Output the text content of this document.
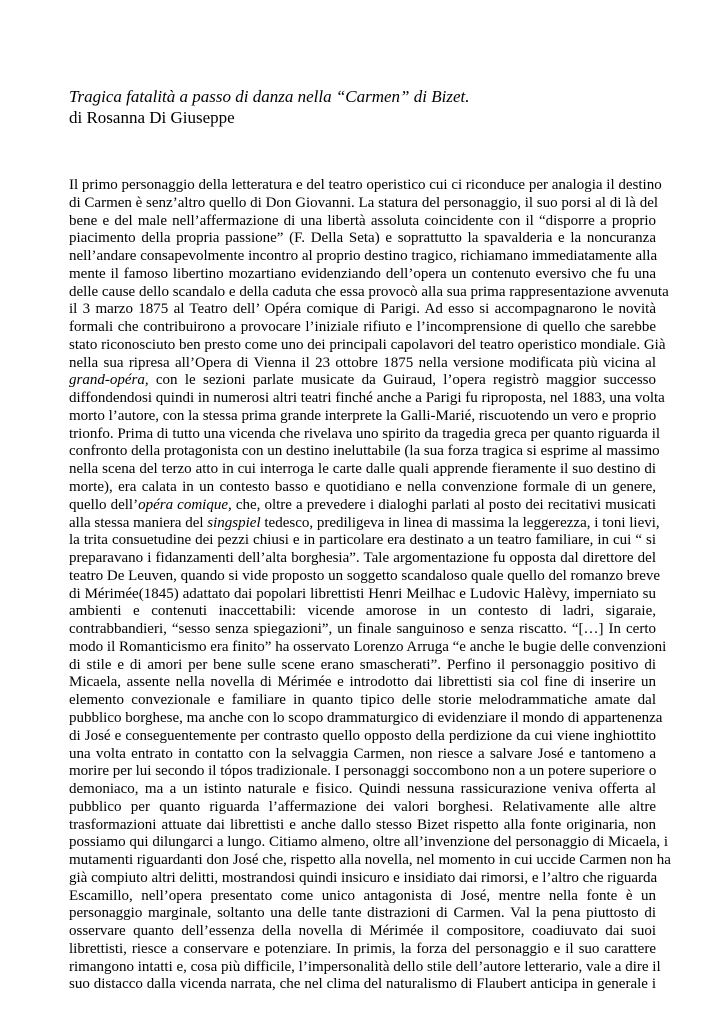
Tragica fatalità a passo di danza nella “Carmen” di Bizet.

di Rosanna Di Giuseppe

Il primo personaggio della letteratura e del teatro operistico cui ci riconduce per analogia il destino
di Carmen è senz’altro quello di Don Giovanni. La statura del personaggio, il suo porsi al di là del
bene e del male nell’affermazione di una libertà assoluta coincidente con il “disporre a proprio
piacimento della propria passione” (F. Della Seta) e soprattutto la spavalderia e la noncuranza
nell’andare consapevolmente incontro al proprio destino tragico, richiamano immediatamente alla
mente il famoso libertino mozartiano evidenziando dell’opera un contenuto eversivo che fu una
delle cause dello scandalo e della caduta che essa provocò alla sua prima rappresentazione avvenuta
il 3 marzo 1875 al Teatro dell’ Opéra comique di Parigi. Ad esso si accompagnarono le novità
formali che contribuirono a provocare l’iniziale rifiuto e l’incomprensione di quello che sarebbe
stato riconosciuto ben presto come uno dei principali capolavori del teatro operistico mondiale. Già
nella sua ripresa all’Opera di Vienna il 23 ottobre 1875 nella versione modificata più vicina al
grand-opéra, con le sezioni parlate musicate da Guiraud, l’opera registrò maggior successo
diffondendosi quindi in numerosi altri teatri finché anche a Parigi fu riproposta, nel 1883, una volta
morto l’autore, con la stessa prima grande interprete la Galli-Marié, riscuotendo un vero e proprio
trionfo. Prima di tutto una vicenda che rivelava uno spirito da tragedia greca per quanto riguarda il
confronto della protagonista con un destino ineluttabile (la sua forza tragica si esprime al massimo
nella scena del terzo atto in cui interroga le carte dalle quali apprende fieramente il suo destino di
morte), era calata in un contesto basso e quotidiano e nella convenzione formale di un genere,
quello dell’opéra comique, che, oltre a prevedere i dialoghi parlati al posto dei recitativi musicati
alla stessa maniera del singspiel tedesco, prediligeva in linea di massima la leggerezza, i toni lievi,
la trita consuetudine dei pezzi chiusi e in particolare era destinato a un teatro familiare, in cui “ si
preparavano i fidanzamenti dell’alta borghesia”. Tale argomentazione fu opposta dal direttore del
teatro De Leuven, quando si vide proposto un soggetto scandaloso quale quello del romanzo breve
di Mérimée(1845) adattato dai popolari librettisti Henri Meilhac e Ludovic Halèvy, imperniato su
ambienti e contenuti inaccettabili: vicende amorose in un contesto di ladri, sigaraie,
contrabbandieri, “sesso senza spiegazioni”, un finale sanguinoso e senza riscatto. “[…] In certo
modo il Romanticismo era finito” ha osservato Lorenzo Arruga “e anche le bugie delle convenzioni
di stile e di amori per bene sulle scene erano smascherati”. Perfino il personaggio positivo di
Micaela, assente nella novella di Mérimée e introdotto dai librettisti sia col fine di inserire un
elemento convezionale e familiare in quanto tipico delle storie melodrammatiche amate dal
pubblico borghese, ma anche con lo scopo drammaturgico di evidenziare il mondo di appartenenza
di José e conseguentemente per contrasto quello opposto della perdizione da cui viene inghiottito
una volta entrato in contatto con la selvaggia Carmen, non riesce a salvare José e tantomeno a
morire per lui secondo il tópos tradizionale. I personaggi soccombono non a un potere superiore o
demoniaco, ma a un istinto naturale e fisico. Quindi nessuna rassicurazione veniva offerta al
pubblico per quanto riguarda l’affermazione dei valori borghesi. Relativamente alle altre
trasformazioni attuate dai librettisti e anche dallo stesso Bizet rispetto alla fonte originaria, non
possiamo qui dilungarci a lungo. Citiamo almeno, oltre all’invenzione del personaggio di Micaela, i
mutamenti riguardanti don José che, rispetto alla novella, nel momento in cui uccide Carmen non ha
già compiuto altri delitti, mostrandosi quindi insicuro e insidiato dai rimorsi, e l’altro che riguarda
Escamillo, nell’opera presentato come unico antagonista di José, mentre nella fonte è un
personaggio marginale, soltanto una delle tante distrazioni di Carmen. Val la pena piuttosto di
osservare quanto dell’essenza della novella di Mérimée il compositore, coadiuvato dai suoi
librettisti, riesce a conservare e potenziare. In primis, la forza del personaggio e il suo carattere
rimangono intatti e, cosa più difficile, l’impersonalità dello stile dell’autore letterario, vale a dire il
suo distacco dalla vicenda narrata, che nel clima del naturalismo di Flaubert anticipa in generale i
